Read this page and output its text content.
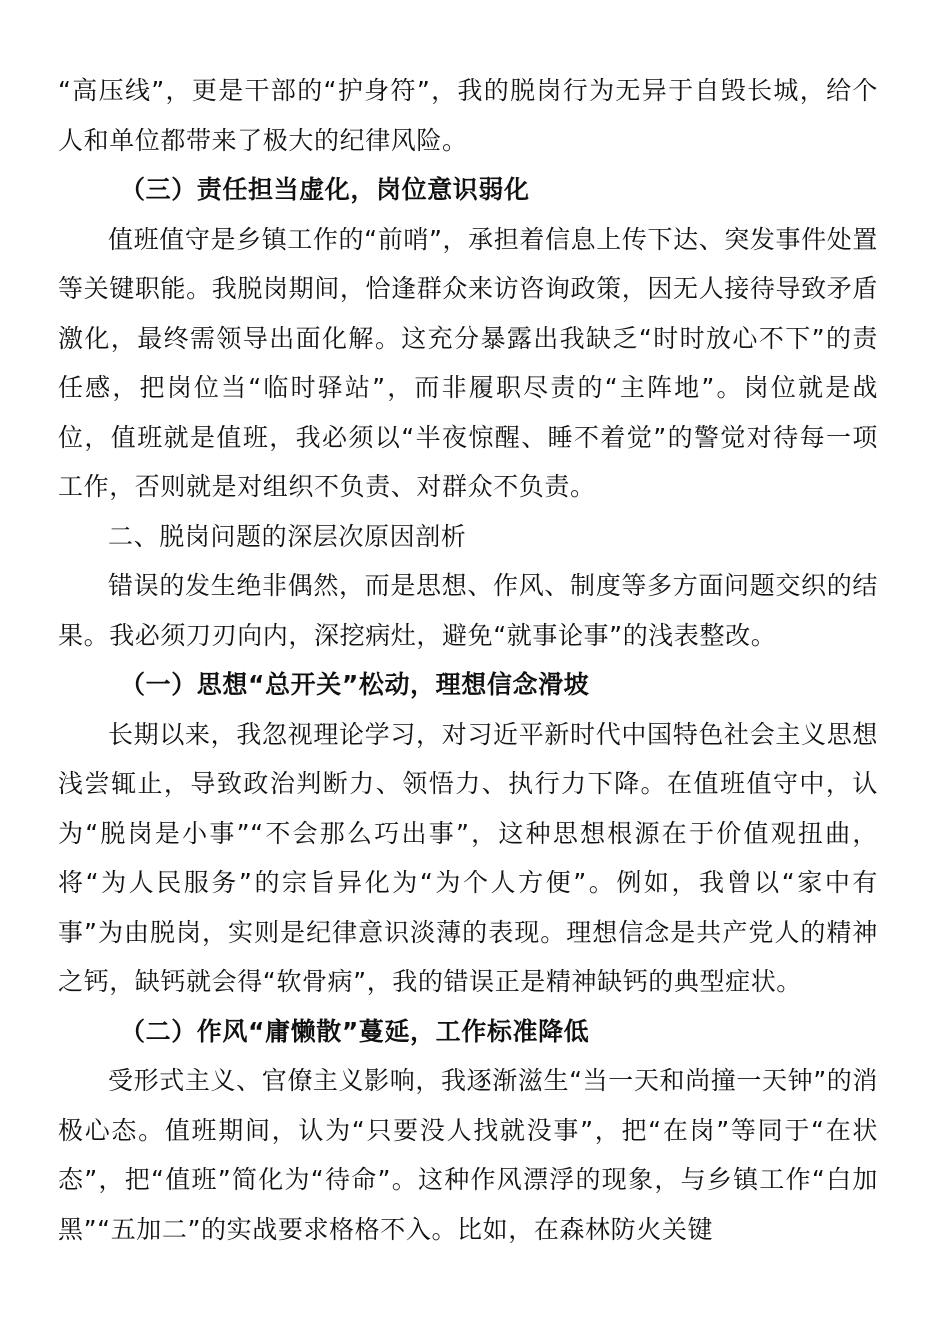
“高压线”，更是干部的“护身符”，我的脱岗行为无异于自毁长城，给个人和单位都带来了极大的纪律风险。

（三）责任担当虚化，岗位意识弱化

值班值守是乡镇工作的“前哨”，承担着信息上传下达、突发事件处置等关键职能。我脱岗期间，恰逢群众来访咨询政策，因无人接待导致矛盾激化，最终需领导出面化解。这充分暴露出我缺乏“时时放心不下”的责任感，把岗位当“临时驿站”，而非履职尽责的“主阵地”。岗位就是战位，值班就是值班，我必须以“半夜惊醒、睡不着觉”的警觉对待每一项工作，否则就是对组织不负责、对群众不负责。

二、脱岗问题的深层次原因剖析

错误的发生绝非偶然，而是思想、作风、制度等多方面问题交织的结果。我必须刀刃向内，深挖病灶，避免“就事论事”的浅表整改。

（一）思想“总开关”松动，理想信念滑坡

长期以来，我忽视理论学习，对习近平新时代中国特色社会主义思想浅尝辄止，导致政治判断力、领悟力、执行力下降。在值班值守中，认为“脱岗是小事”“不会那么巧出事”，这种思想根源在于价值观扭曲，将“为人民服务”的宗旨异化为“为个人方便”。例如，我曾以“家中有事”为由脱岗，实则是纪律意识淡薄的表现。理想信念是共产党人的精神之钙，缺钙就会得“软骨病”，我的错误正是精神缺钙的典型症状。

（二）作风“庸懒散”蔓延，工作标准降低

受形式主义、官僚主义影响，我逐渐滋生“当一天和尚撞一天钟”的消极心态。值班期间，认为“只要没人找就没事”，把“在岗”等同于“在状态”，把“值班”简化为“待命”。这种作风漂浮的现象，与乡镇工作“白加黑”“五加二”的实战要求格格不入。比如，在森林防火关键
